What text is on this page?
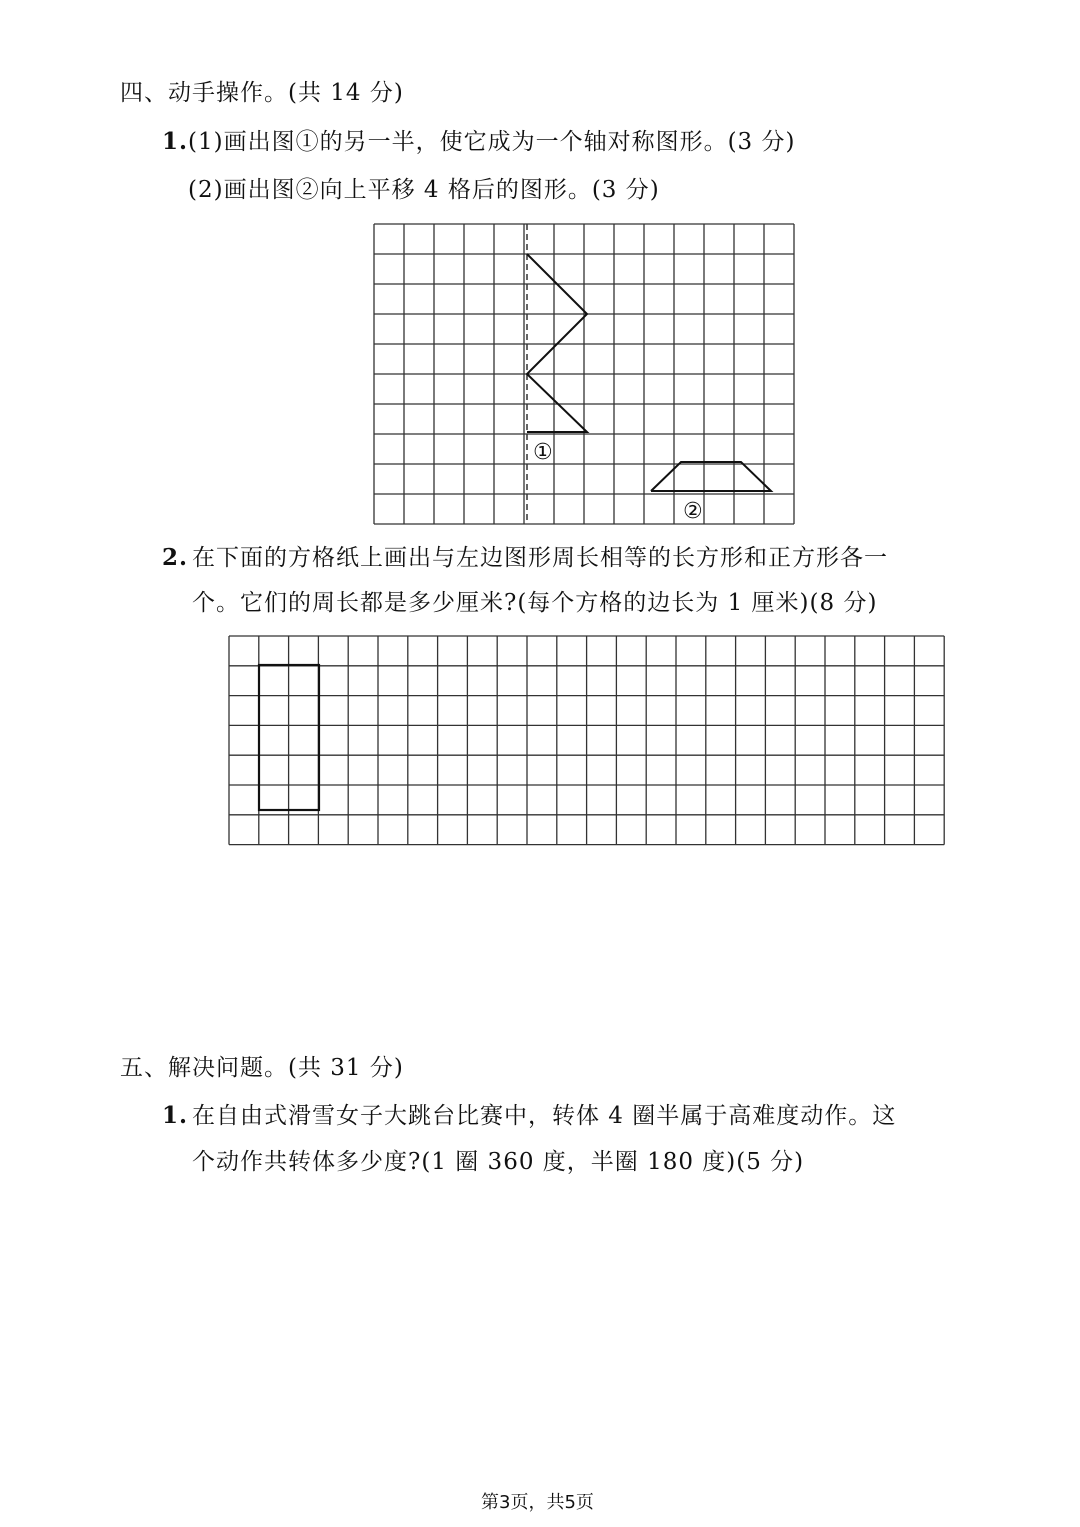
四、动手操作。(共 14 分)
1. (1)画出图①的另一半，使它成为一个轴对称图形。(3 分)
(2)画出图②向上平移 4 格后的图形。(3 分)
①
②
2. 在下面的方格纸上画出与左边图形周长相等的长方形和正方形各一
个。它们的周长都是多少厘米?(每个方格的边长为 1 厘米)(8 分)
五、解决问题。(共 31 分)
1. 在自由式滑雪女子大跳台比赛中，转体 4 圈半属于高难度动作。这
个动作共转体多少度?(1 圈 360 度，半圈 180 度)(5 分)
第3页，共5页
